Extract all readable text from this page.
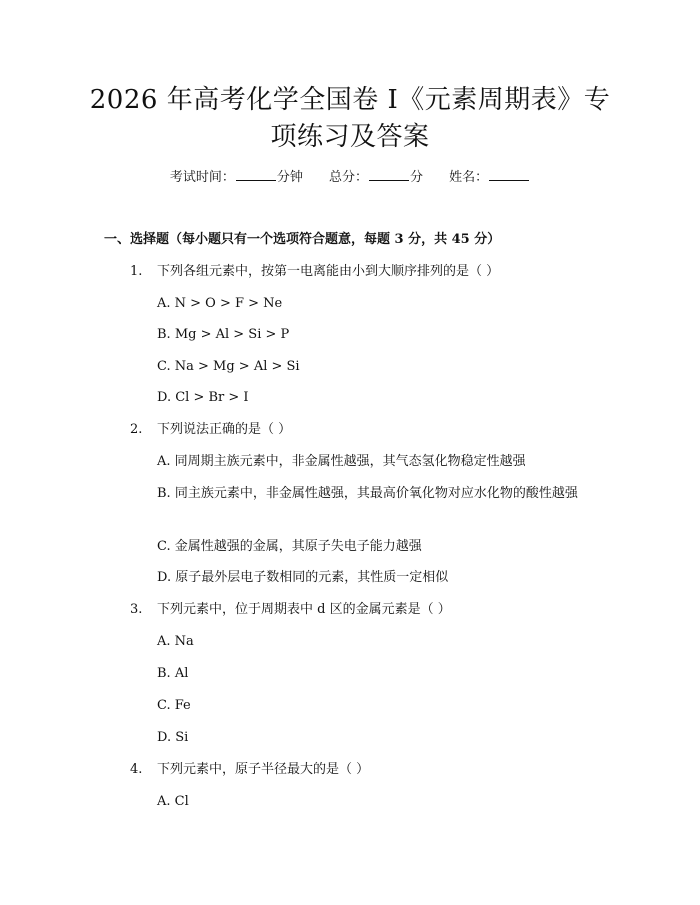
2026 年高考化学全国卷 I《元素周期表》专
项练习及答案
考试时间：	分钟 总分：	分 姓名：
一、选择题（每小题只有一个选项符合题意，每题 3 分，共 45 分）
1. 下列各组元素中，按第一电离能由小到大顺序排列的是（ ）
A. N > O > F > Ne
B. Mg > Al > Si > P
C. Na > Mg > Al > Si
D. Cl > Br > I
2. 下列说法正确的是（ ）
A. 同周期主族元素中，非金属性越强，其气态氢化物稳定性越强
B. 同主族元素中，非金属性越强，其最高价氧化物对应水化物的酸性越强
C. 金属性越强的金属，其原子失电子能力越强
D. 原子最外层电子数相同的元素，其性质一定相似
3. 下列元素中，位于周期表中 d 区的金属元素是（ ）
A. Na
B. Al
C. Fe
D. Si
4. 下列元素中，原子半径最大的是（ ）
A. Cl
